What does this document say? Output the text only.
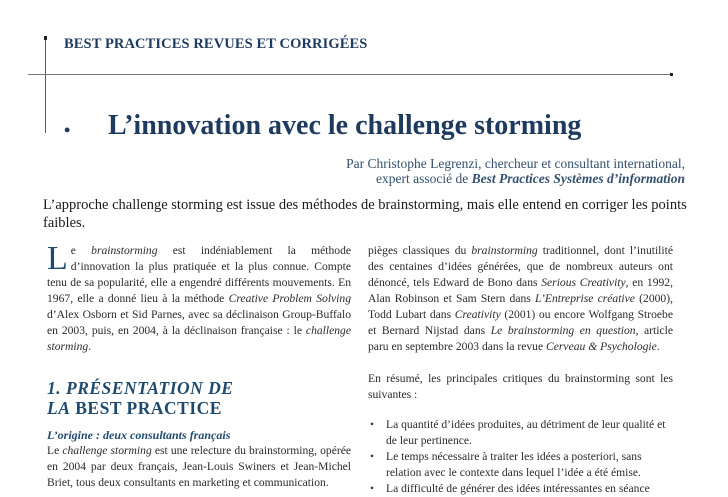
BEST PRACTICES REVUES ET CORRIGÉES
• L’innovation avec le challenge storming
Par Christophe Legrenzi, chercheur et consultant international,
expert associé de Best Practices Systèmes d’information
L’approche challenge storming est issue des méthodes de brainstorming, mais elle entend en corriger les points faibles.
Le brainstorming est indéniablement la méthode d’innovation la plus pratiquée et la plus connue. Compte tenu de sa popularité, elle a engendré différents mouvements. En 1967, elle a donné lieu à la méthode Creative Problem Solving d’Alex Osborn et Sid Parnes, avec sa déclinaison Group-Buffalo en 2003, puis, en 2004, à la déclinaison française : le challenge storming.
1. PRÉSENTATION DE
LA BEST PRACTICE
L’origine : deux consultants français
Le challenge storming est une relecture du brainstorming, opérée en 2004 par deux français, Jean-Louis Swiners et Jean-Michel Briet, tous deux consultants en marketing et communication.
pièges classiques du brainstorming traditionnel, dont l’inutilité des centaines d’idées générées, que de nombreux auteurs ont dénoncé, tels Edward de Bono dans Serious Creativity, en 1992, Alan Robinson et Sam Stern dans L’Entreprise créative (2000), Todd Lubart dans Creativity (2001) ou encore Wolfgang Stroebe et Bernard Nijstad dans Le brainstorming en question, article paru en septembre 2003 dans la revue Cerveau & Psychologie.
En résumé, les principales critiques du brainstorming sont les suivantes :
• La quantité d’idées produites, au détriment de leur qualité et de leur pertinence.
• Le temps nécessaire à traiter les idées a posteriori, sans relation avec le contexte dans lequel l’idée a été émise.
• La difficulté de générer des idées intéressantes en séance
